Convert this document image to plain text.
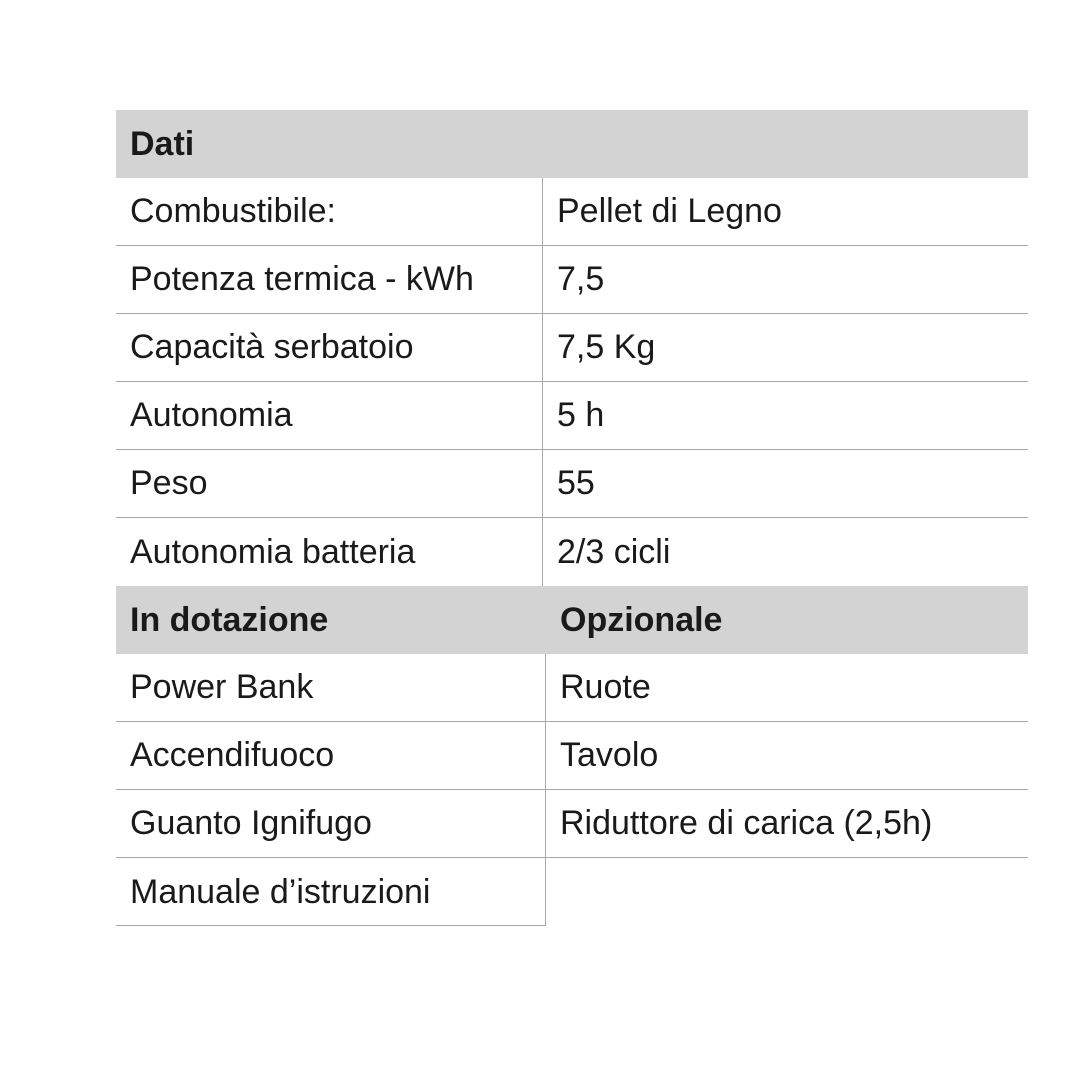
Dati
Combustibile:	Pellet di Legno
Potenza termica - kWh	7,5
Capacità serbatoio	7,5 Kg
Autonomia	5 h
Peso	55
Autonomia batteria	2/3 cicli
In dotazione	Opzionale
Power Bank	Ruote
Accendifuoco	Tavolo
Guanto Ignifugo	Riduttore di carica (2,5h)
Manuale d’istruzioni
